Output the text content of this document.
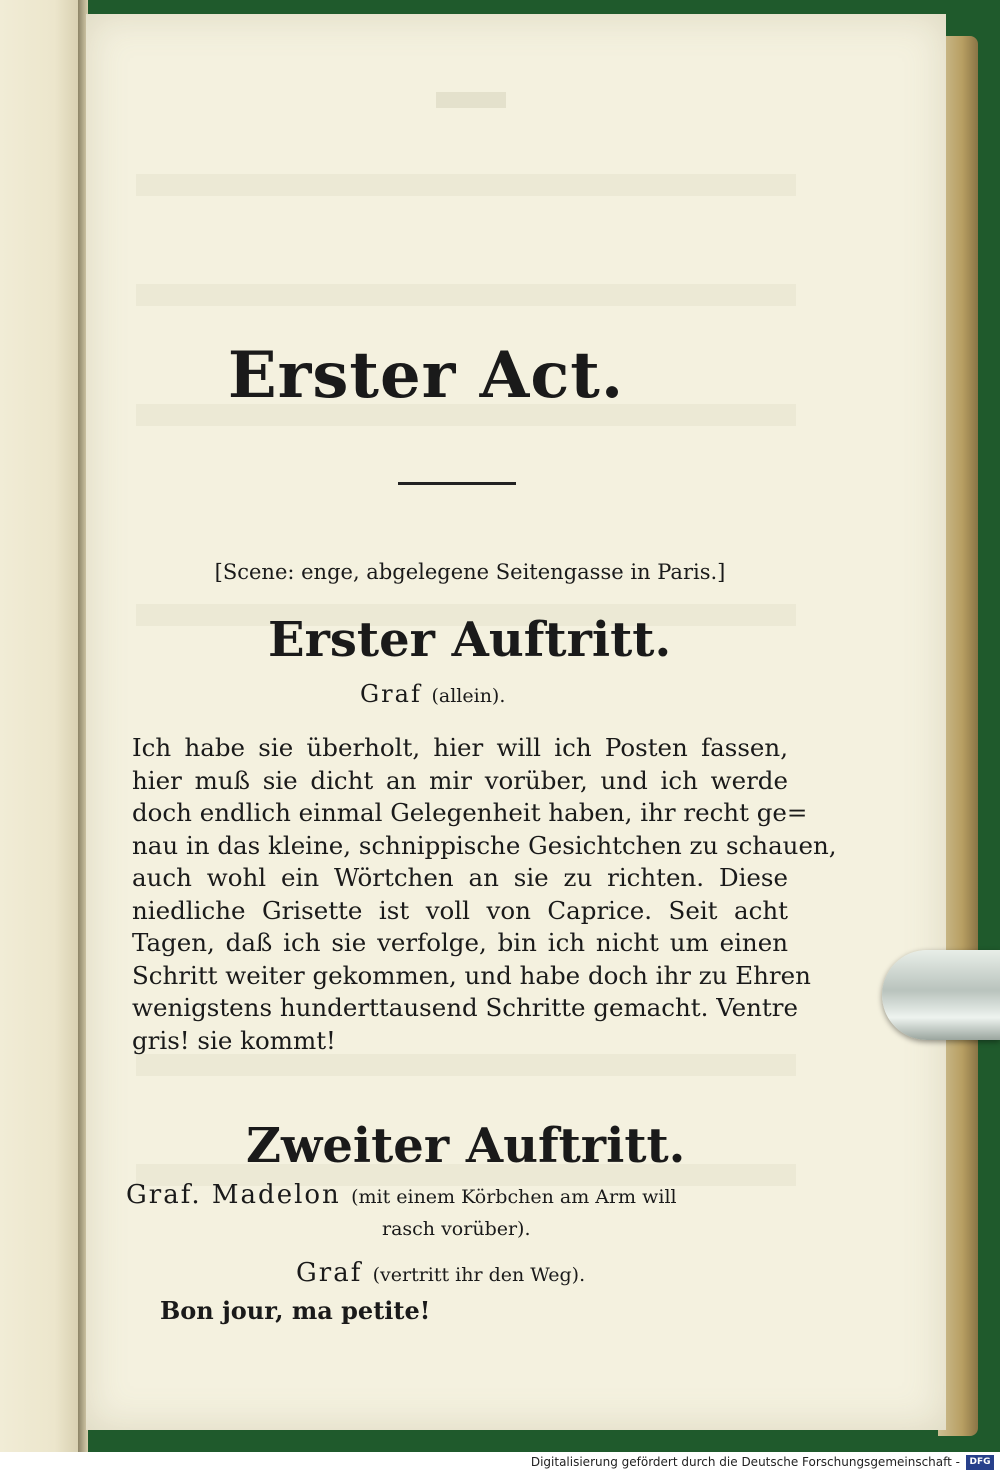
Erster Act.
[Scene: enge, abgelegene Seitengasse in Paris.]
Erster Auftritt.
Graf (allein).
Ich habe sie überholt, hier will ich Posten fassen,
hier muß sie dicht an mir vorüber, und ich werde
doch endlich einmal Gelegenheit haben, ihr recht ge=
nau in das kleine, schnippische Gesichtchen zu schauen,
auch wohl ein Wörtchen an sie zu richten. Diese
niedliche Grisette ist voll von Caprice. Seit acht
Tagen, daß ich sie verfolge, bin ich nicht um einen
Schritt weiter gekommen, und habe doch ihr zu Ehren
wenigstens hunderttausend Schritte gemacht. Ventre
gris! sie kommt!
Zweiter Auftritt.
Graf. Madelon (mit einem Körbchen am Arm will
rasch vorüber).
Graf (vertritt ihr den Weg).
Bon jour, ma petite!
Digitalisierung gefördert durch die Deutsche Forschungsgemeinschaft -	DFG
